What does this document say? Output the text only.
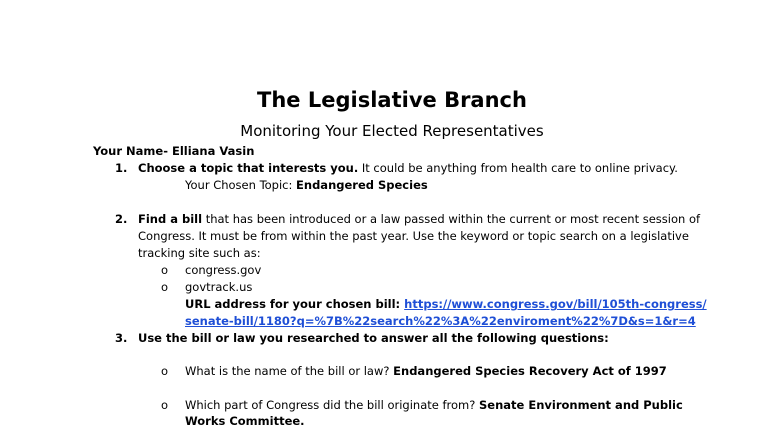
The Legislative Branch
Monitoring Your Elected Representatives
Your Name- Elliana Vasin
1. Choose a topic that interests you. It could be anything from health care to online privacy.
Your Chosen Topic: Endangered Species
2. Find a bill that has been introduced or a law passed within the current or most recent session of
Congress. It must be from within the past year. Use the keyword or topic search on a legislative
tracking site such as:
o congress.gov
o govtrack.us
URL address for your chosen bill: https://www.congress.gov/bill/105th-congress/
senate-bill/1180?q=%7B%22search%22%3A%22enviroment%22%7D&s=1&r=4
3. Use the bill or law you researched to answer all the following questions:
o What is the name of the bill or law? Endangered Species Recovery Act of 1997
o Which part of Congress did the bill originate from? Senate Environment and Public
Works Committee.
